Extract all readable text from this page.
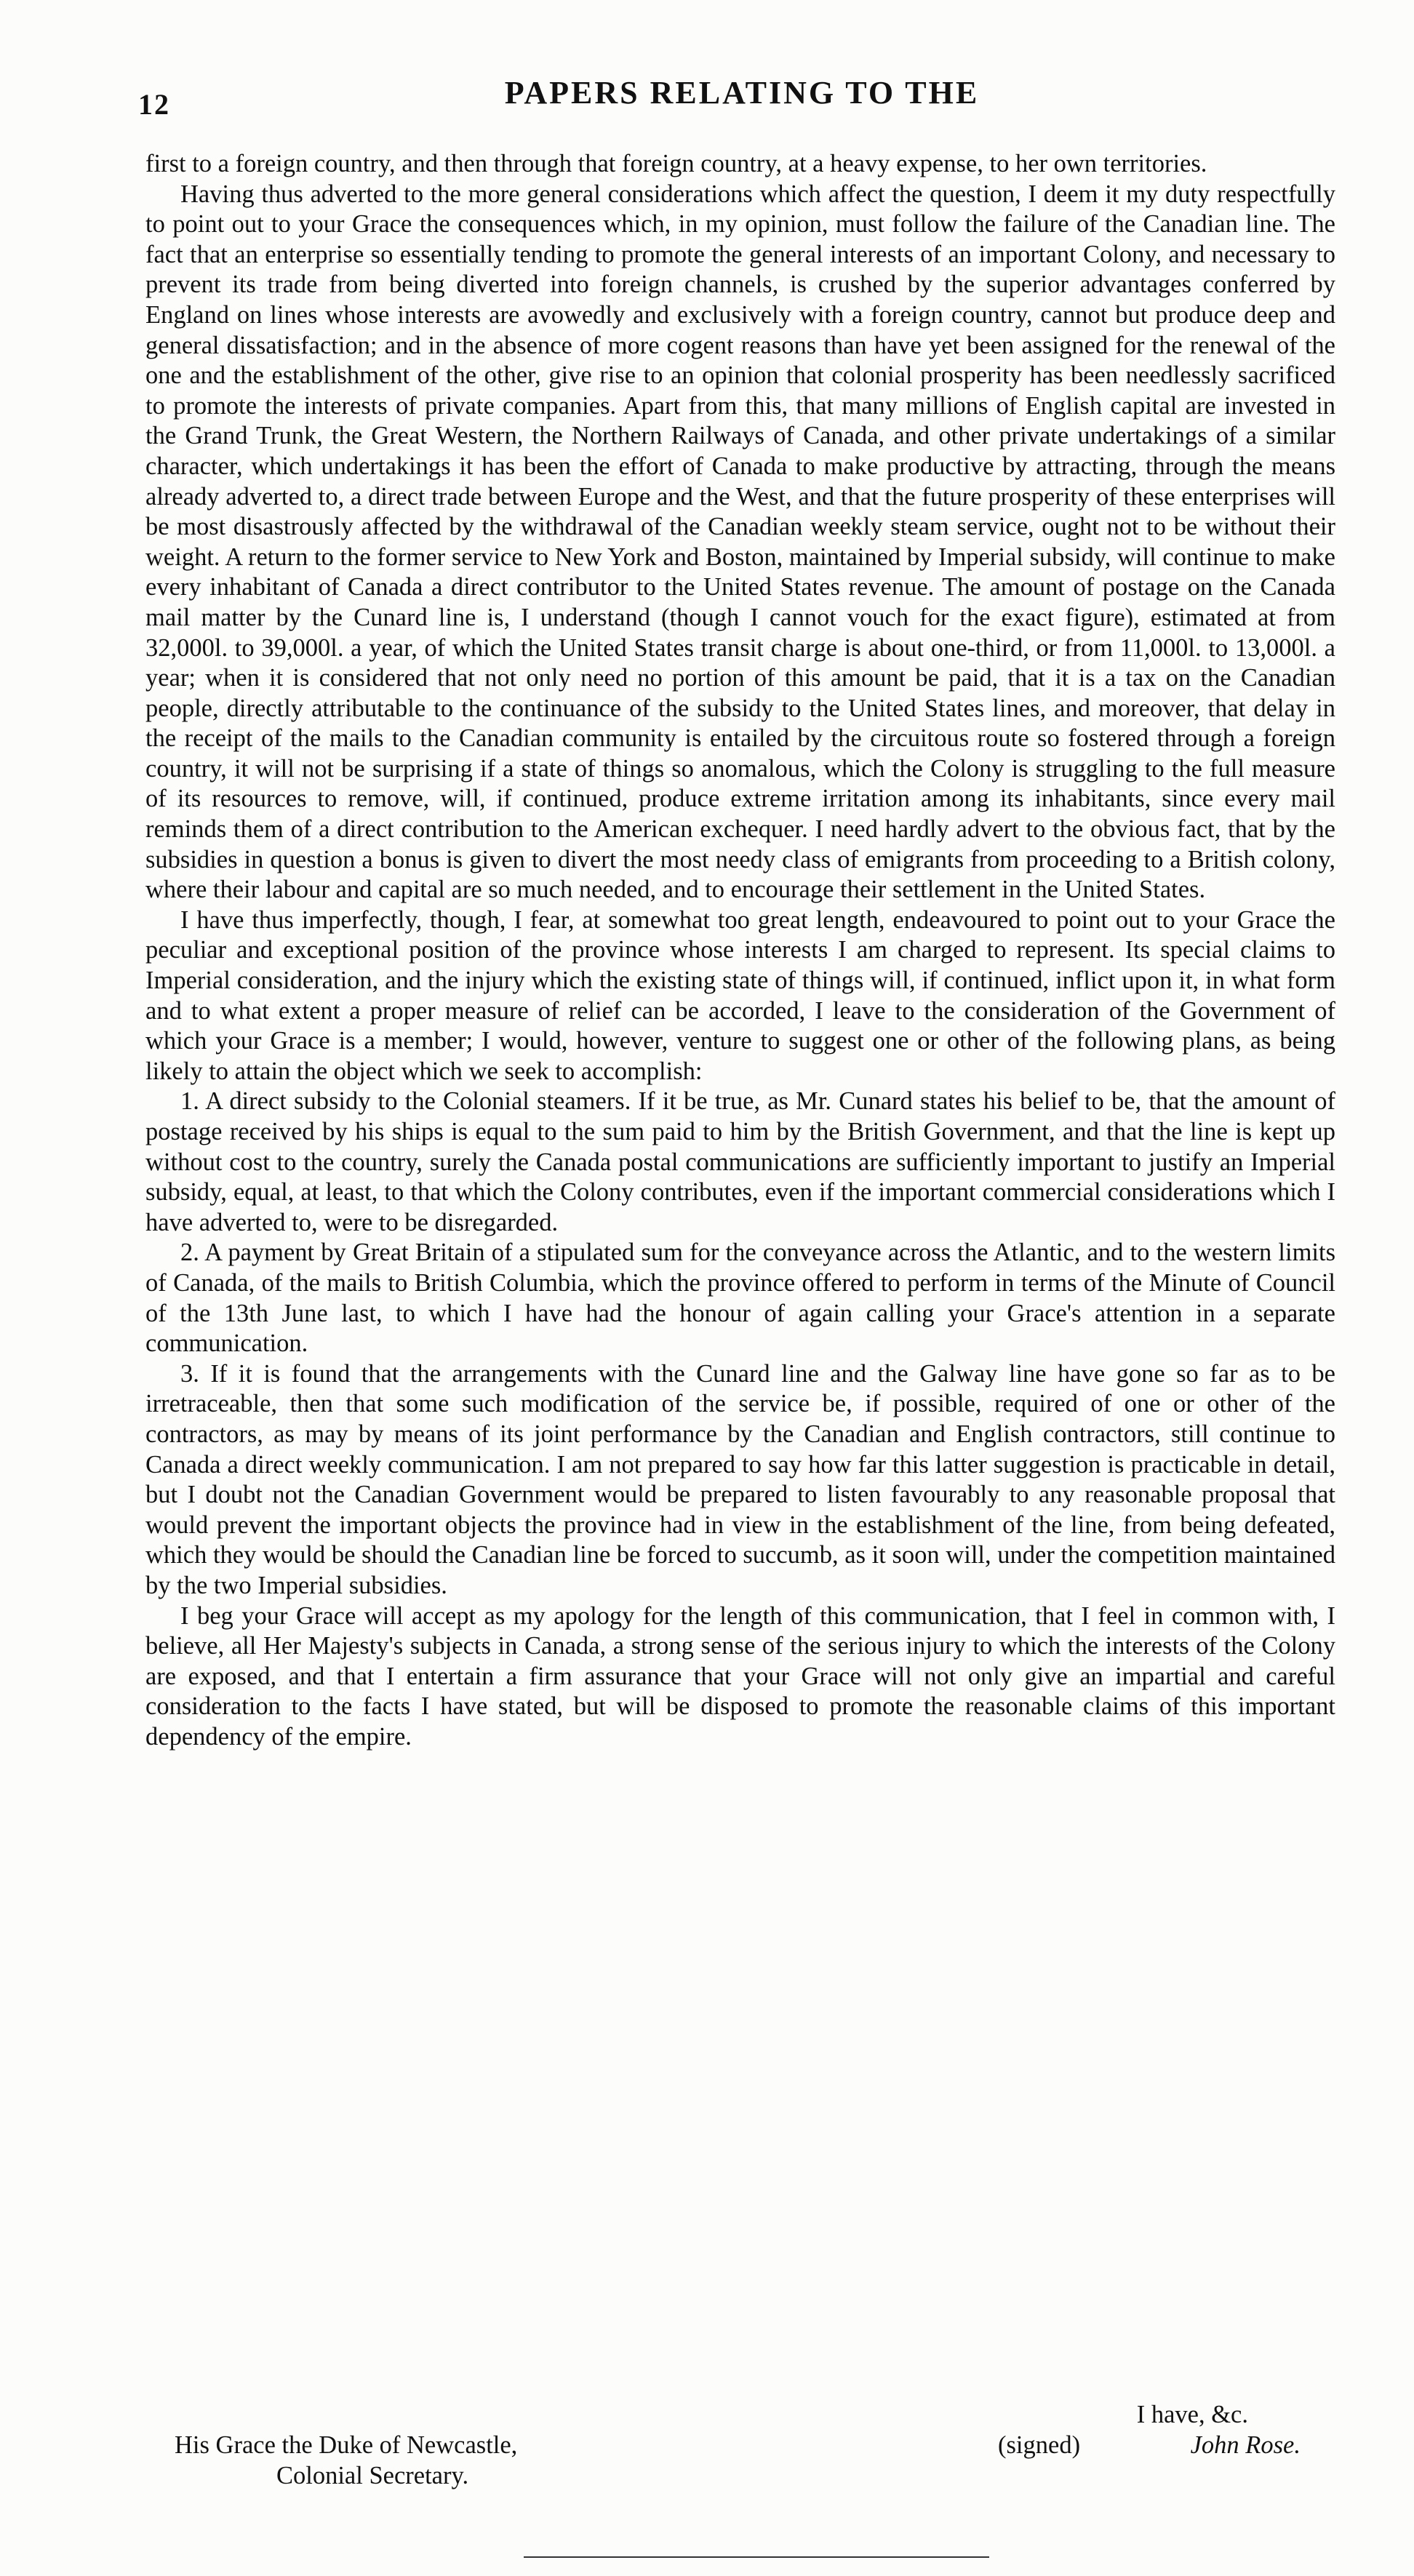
12	PAPERS RELATING TO THE

first to a foreign country, and then through that foreign country, at a heavy expense, to her own territories.

Having thus adverted to the more general considerations which affect the question, I deem it my duty respectfully to point out to your Grace the consequences which, in my opinion, must follow the failure of the Canadian line. The fact that an enterprise so essentially tending to promote the general interests of an important Colony, and necessary to prevent its trade from being diverted into foreign channels, is crushed by the superior advantages conferred by England on lines whose interests are avowedly and exclusively with a foreign country, cannot but produce deep and general dissatisfaction; and in the absence of more cogent reasons than have yet been assigned for the renewal of the one and the establishment of the other, give rise to an opinion that colonial prosperity has been needlessly sacrificed to promote the interests of private companies. Apart from this, that many millions of English capital are invested in the Grand Trunk, the Great Western, the Northern Railways of Canada, and other private undertakings of a similar character, which undertakings it has been the effort of Canada to make productive by attracting, through the means already adverted to, a direct trade between Europe and the West, and that the future prosperity of these enterprises will be most disastrously affected by the withdrawal of the Canadian weekly steam service, ought not to be without their weight. A return to the former service to New York and Boston, maintained by Imperial subsidy, will continue to make every inhabitant of Canada a direct contributor to the United States revenue. The amount of postage on the Canada mail matter by the Cunard line is, I understand (though I cannot vouch for the exact figure), estimated at from 32,000l. to 39,000l. a year, of which the United States transit charge is about one-third, or from 11,000l. to 13,000l. a year; when it is considered that not only need no portion of this amount be paid, that it is a tax on the Canadian people, directly attributable to the continuance of the subsidy to the United States lines, and moreover, that delay in the receipt of the mails to the Canadian community is entailed by the circuitous route so fostered through a foreign country, it will not be surprising if a state of things so anomalous, which the Colony is struggling to the full measure of its resources to remove, will, if continued, produce extreme irritation among its inhabitants, since every mail reminds them of a direct contribution to the American exchequer. I need hardly advert to the obvious fact, that by the subsidies in question a bonus is given to divert the most needy class of emigrants from proceeding to a British colony, where their labour and capital are so much needed, and to encourage their settlement in the United States.

I have thus imperfectly, though, I fear, at somewhat too great length, endeavoured to point out to your Grace the peculiar and exceptional position of the province whose interests I am charged to represent. Its special claims to Imperial consideration, and the injury which the existing state of things will, if continued, inflict upon it, in what form and to what extent a proper measure of relief can be accorded, I leave to the consideration of the Government of which your Grace is a member; I would, however, venture to suggest one or other of the following plans, as being likely to attain the object which we seek to accomplish:

1. A direct subsidy to the Colonial steamers. If it be true, as Mr. Cunard states his belief to be, that the amount of postage received by his ships is equal to the sum paid to him by the British Government, and that the line is kept up without cost to the country, surely the Canada postal communications are sufficiently important to justify an Imperial subsidy, equal, at least, to that which the Colony contributes, even if the important commercial considerations which I have adverted to, were to be disregarded.

2. A payment by Great Britain of a stipulated sum for the conveyance across the Atlantic, and to the western limits of Canada, of the mails to British Columbia, which the province offered to perform in terms of the Minute of Council of the 13th June last, to which I have had the honour of again calling your Grace's attention in a separate communication.

3. If it is found that the arrangements with the Cunard line and the Galway line have gone so far as to be irretraceable, then that some such modification of the service be, if possible, required of one or other of the contractors, as may by means of its joint performance by the Canadian and English contractors, still continue to Canada a direct weekly communication. I am not prepared to say how far this latter suggestion is practicable in detail, but I doubt not the Canadian Government would be prepared to listen favourably to any reasonable proposal that would prevent the important objects the province had in view in the establishment of the line, from being defeated, which they would be should the Canadian line be forced to succumb, as it soon will, under the competition maintained by the two Imperial subsidies.

I beg your Grace will accept as my apology for the length of this communication, that I feel in common with, I believe, all Her Majesty's subjects in Canada, a strong sense of the serious injury to which the interests of the Colony are exposed, and that I entertain a firm assurance that your Grace will not only give an impartial and careful consideration to the facts I have stated, but will be disposed to promote the reasonable claims of this important dependency of the empire.

I have, &c.
His Grace the Duke of Newcastle,
Colonial Secretary.
(signed)	John Rose.
